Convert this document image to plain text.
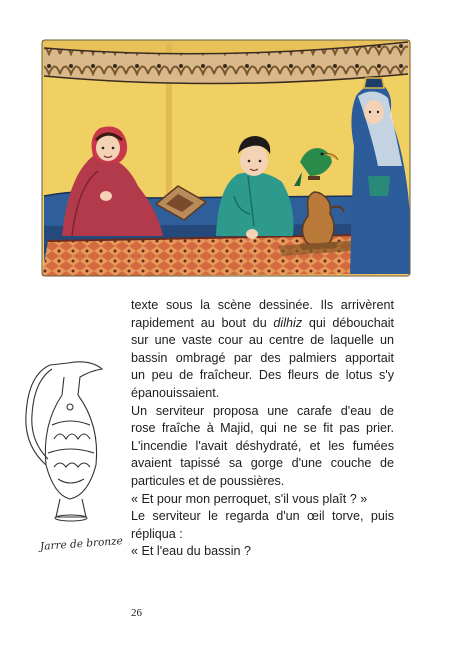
texte sous la scène dessinée. Ils arrivèrent
rapidement au bout du dilhiz qui débouchait
sur une vaste cour au centre de laquelle un
bassin ombragé par des palmiers apportait
un peu de fraîcheur. Des fleurs de lotus s'y
épanouissaient.
Un serviteur proposa une carafe d'eau de
rose fraîche à Majid, qui ne se fit pas prier.
L'incendie l'avait déshydraté, et les fumées
avaient tapissé sa gorge d'une couche de
particules et de poussières.
« Et pour mon perroquet, s'il vous plaît ? »
Le serviteur le regarda d'un œil torve, puis
répliqua :
« Et l'eau du bassin ?
Jarre de bronze
26
